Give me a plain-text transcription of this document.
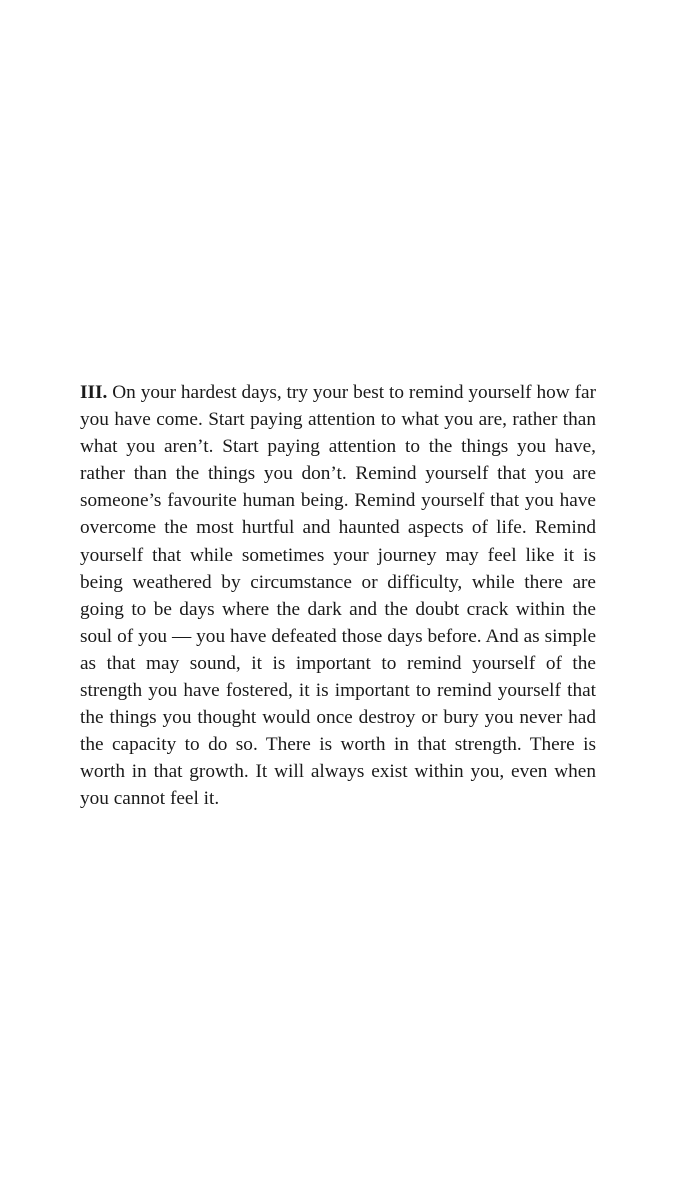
III. On your hardest days, try your best to remind yourself how far you have come. Start paying attention to what you are, rather than what you aren’t. Start paying attention to the things you have, rather than the things you don’t. Remind yourself that you are someone’s favourite human being. Remind yourself that you have overcome the most hurtful and haunted aspects of life. Remind yourself that while sometimes your journey may feel like it is being weathered by circumstance or difficulty, while there are going to be days where the dark and the doubt crack within the soul of you — you have defeated those days before. And as simple as that may sound, it is important to remind yourself of the strength you have fostered, it is important to remind yourself that the things you thought would once destroy or bury you never had the capacity to do so. There is worth in that strength. There is worth in that growth. It will always exist within you, even when you cannot feel it.
